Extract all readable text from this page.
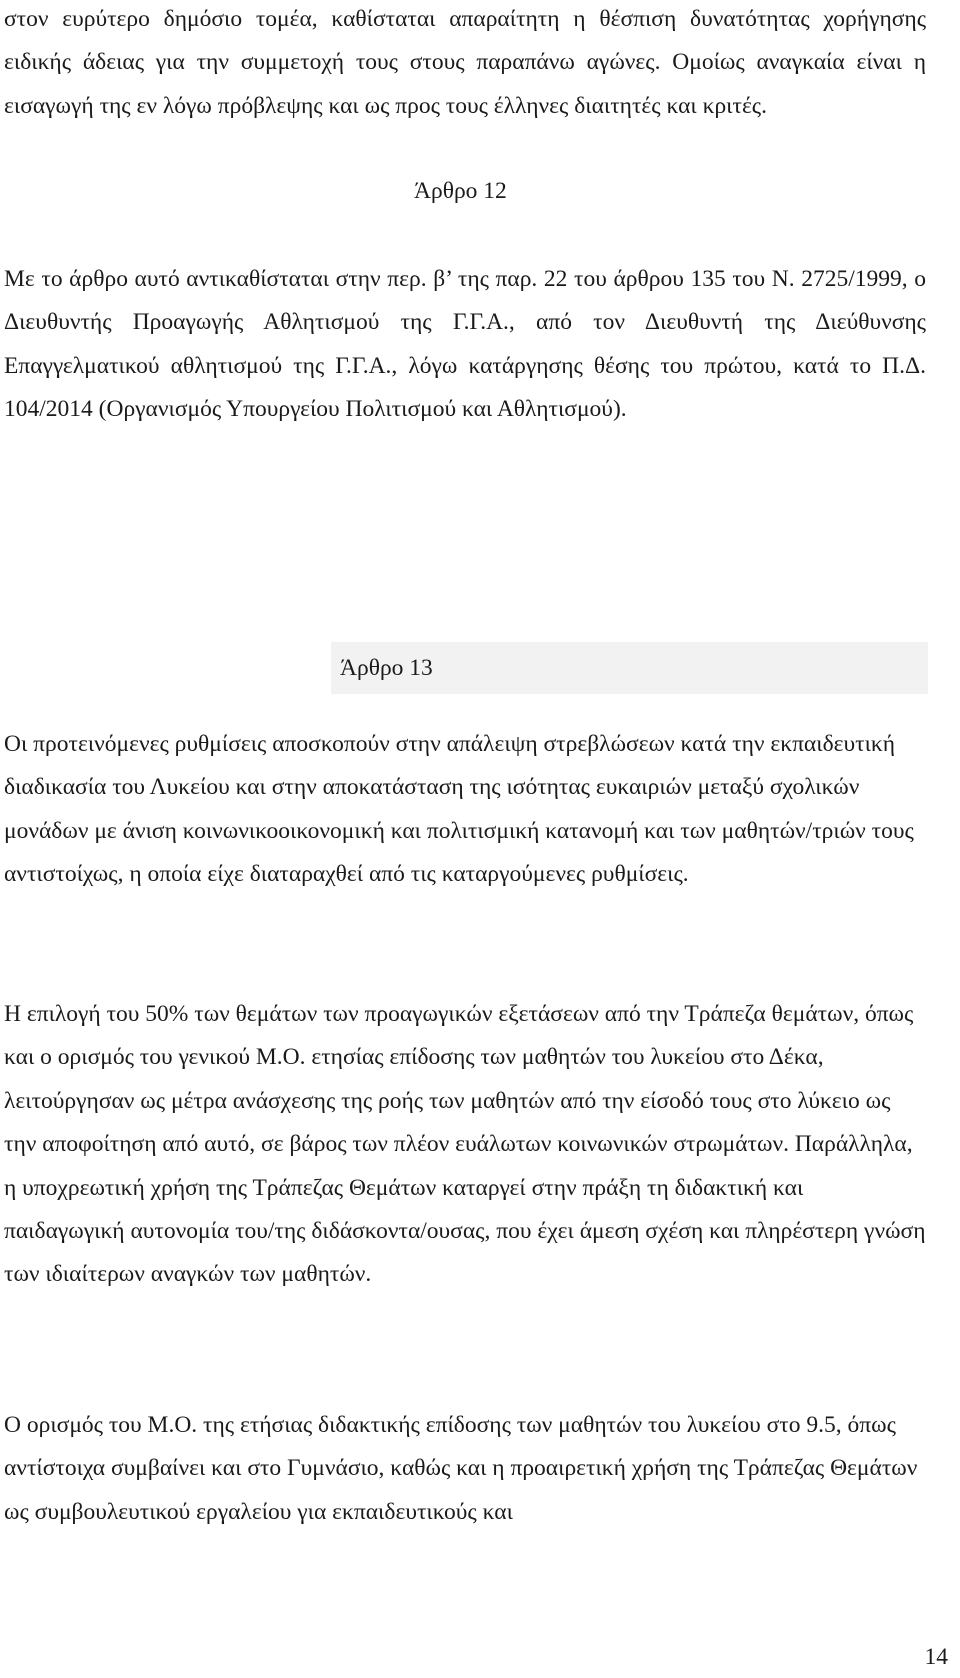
στον ευρύτερο δημόσιο τομέα, καθίσταται απαραίτητη η θέσπιση δυνατότητας χορήγησης ειδικής άδειας για την συμμετοχή τους στους παραπάνω αγώνες. Ομοίως αναγκαία είναι η εισαγωγή της εν λόγω πρόβλεψης και ως προς τους έλληνες διαιτητές και κριτές.

Άρθρο 12

Με το άρθρο αυτό αντικαθίσταται στην περ. β’ της παρ. 22 του άρθρου 135 του Ν. 2725/1999, ο Διευθυντής Προαγωγής Αθλητισμού της Γ.Γ.Α., από τον Διευθυντή της Διεύθυνσης Επαγγελματικού αθλητισμού της Γ.Γ.Α., λόγω κατάργησης θέσης του πρώτου, κατά το Π.Δ. 104/2014 (Οργανισμός Υπουργείου Πολιτισμού και Αθλητισμού).

Άρθρο 13

Οι προτεινόμενες ρυθμίσεις αποσκοπούν στην απάλειψη στρεβλώσεων κατά την εκπαιδευτική διαδικασία του Λυκείου και στην αποκατάσταση της ισότητας ευκαιριών μεταξύ σχολικών μονάδων με άνιση κοινωνικοοικονομική και πολιτισμική κατανομή και των μαθητών/τριών τους αντιστοίχως, η οποία είχε διαταραχθεί από τις καταργούμενες ρυθμίσεις.

Η επιλογή του 50% των θεμάτων των προαγωγικών εξετάσεων από την Τράπεζα θεμάτων, όπως και ο ορισμός του γενικού Μ.Ο. ετησίας επίδοσης των μαθητών του λυκείου στο Δέκα, λειτούργησαν ως μέτρα ανάσχεσης της ροής των μαθητών από την είσοδό τους στο λύκειο ως την αποφοίτηση από αυτό, σε βάρος των πλέον ευάλωτων κοινωνικών στρωμάτων. Παράλληλα, η υποχρεωτική χρήση της Τράπεζας Θεμάτων καταργεί στην πράξη τη διδακτική και παιδαγωγική αυτονομία του/της διδάσκοντα/ουσας, που έχει άμεση σχέση και πληρέστερη γνώση των ιδιαίτερων αναγκών των μαθητών.

Ο ορισμός του Μ.Ο. της ετήσιας διδακτικής επίδοσης των μαθητών του λυκείου στο 9.5, όπως αντίστοιχα συμβαίνει και στο Γυμνάσιο, καθώς και η προαιρετική χρήση της Τράπεζας Θεμάτων ως συμβουλευτικού εργαλείου για εκπαιδευτικούς και

14
